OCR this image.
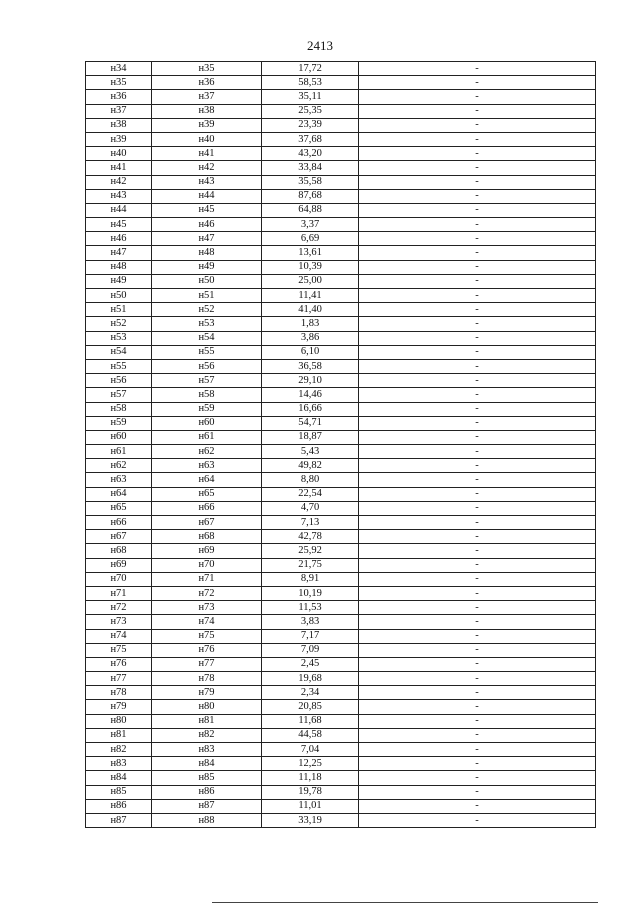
2413
н34	н35	17,72	-
н35	н36	58,53	-
н36	н37	35,11	-
н37	н38	25,35	-
н38	н39	23,39	-
н39	н40	37,68	-
н40	н41	43,20	-
н41	н42	33,84	-
н42	н43	35,58	-
н43	н44	87,68	-
н44	н45	64,88	-
н45	н46	3,37	-
н46	н47	6,69	-
н47	н48	13,61	-
н48	н49	10,39	-
н49	н50	25,00	-
н50	н51	11,41	-
н51	н52	41,40	-
н52	н53	1,83	-
н53	н54	3,86	-
н54	н55	6,10	-
н55	н56	36,58	-
н56	н57	29,10	-
н57	н58	14,46	-
н58	н59	16,66	-
н59	н60	54,71	-
н60	н61	18,87	-
н61	н62	5,43	-
н62	н63	49,82	-
н63	н64	8,80	-
н64	н65	22,54	-
н65	н66	4,70	-
н66	н67	7,13	-
н67	н68	42,78	-
н68	н69	25,92	-
н69	н70	21,75	-
н70	н71	8,91	-
н71	н72	10,19	-
н72	н73	11,53	-
н73	н74	3,83	-
н74	н75	7,17	-
н75	н76	7,09	-
н76	н77	2,45	-
н77	н78	19,68	-
н78	н79	2,34	-
н79	н80	20,85	-
н80	н81	11,68	-
н81	н82	44,58	-
н82	н83	7,04	-
н83	н84	12,25	-
н84	н85	11,18	-
н85	н86	19,78	-
н86	н87	11,01	-
н87	н88	33,19	-
